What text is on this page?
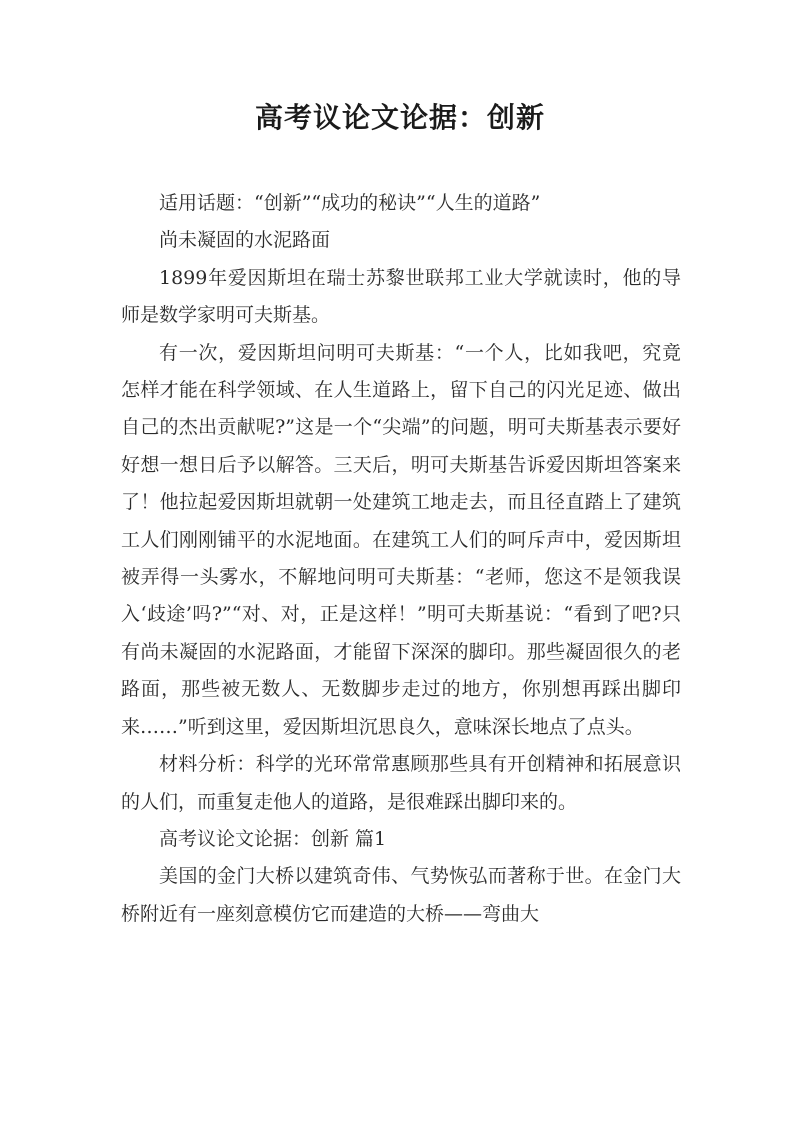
高考议论文论据：创新

适用话题：“创新”“成功的秘诀”“人生的道路”

尚未凝固的水泥路面

1899年爱因斯坦在瑞士苏黎世联邦工业大学就读时，他的导师是数学家明可夫斯基。

有一次，爱因斯坦问明可夫斯基：“一个人，比如我吧，究竟怎样才能在科学领域、在人生道路上，留下自己的闪光足迹、做出自己的杰出贡献呢?”这是一个“尖端”的问题，明可夫斯基表示要好好想一想日后予以解答。三天后，明可夫斯基告诉爱因斯坦答案来了！他拉起爱因斯坦就朝一处建筑工地走去，而且径直踏上了建筑工人们刚刚铺平的水泥地面。在建筑工人们的呵斥声中，爱因斯坦被弄得一头雾水，不解地问明可夫斯基：“老师，您这不是领我误入‘歧途’吗?”“对、对，正是这样！”明可夫斯基说：“看到了吧?只有尚未凝固的水泥路面，才能留下深深的脚印。那些凝固很久的老路面，那些被无数人、无数脚步走过的地方，你别想再踩出脚印来……”听到这里，爱因斯坦沉思良久，意味深长地点了点头。

材料分析：科学的光环常常惠顾那些具有开创精神和拓展意识的人们，而重复走他人的道路，是很难踩出脚印来的。

高考议论文论据：创新 篇1

美国的金门大桥以建筑奇伟、气势恢弘而著称于世。在金门大桥附近有一座刻意模仿它而建造的大桥——弯曲大
